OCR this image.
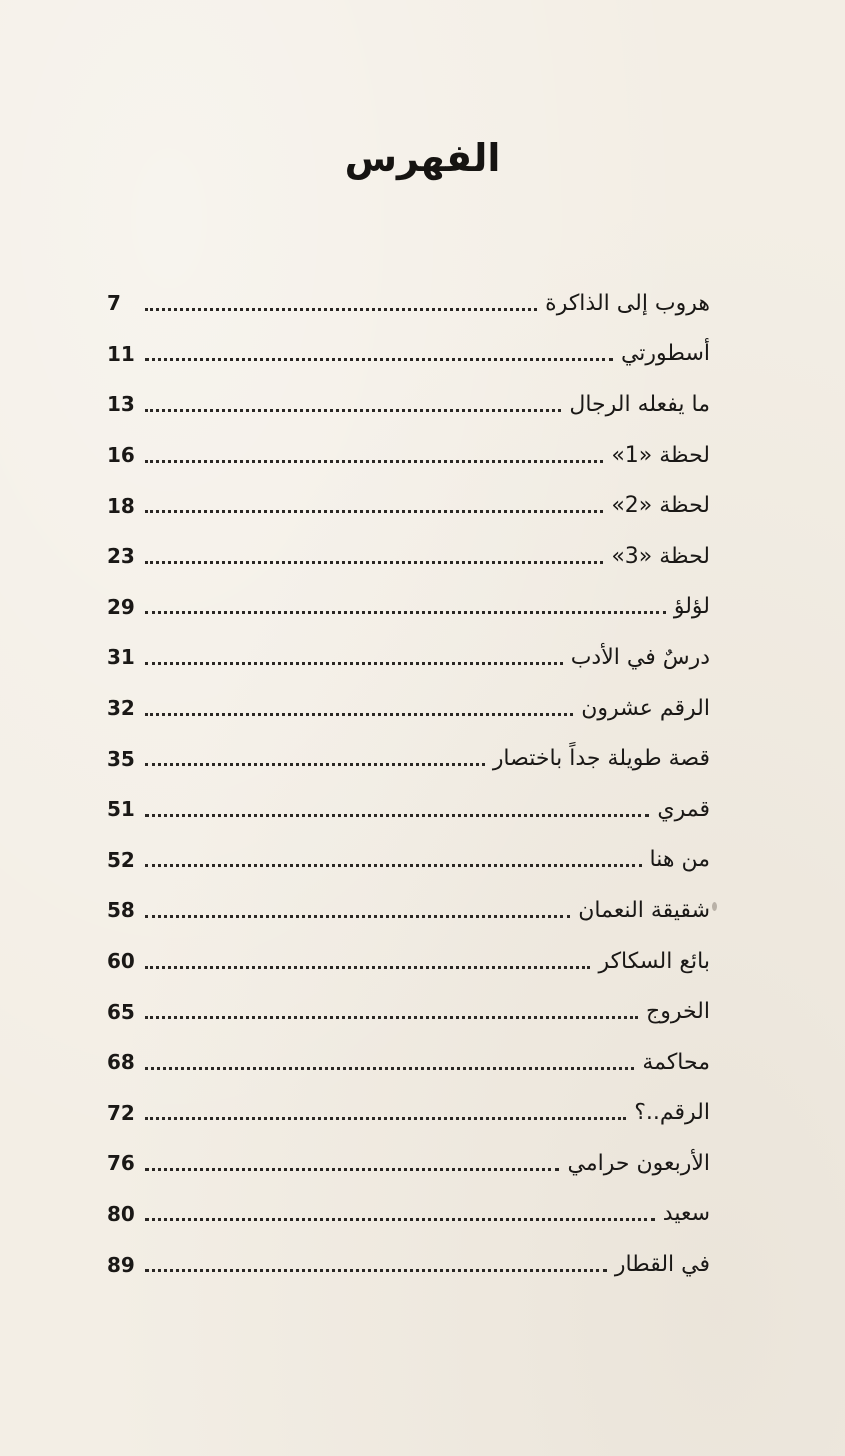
الفهرس
هروب إلى الذاكرة
7
أسطورتي
11
ما يفعله الرجال
13
لحظة «1»
16
لحظة «2»
18
لحظة «3»
23
لؤلؤ
29
درسٌ في الأدب
31
الرقم عشرون
32
قصة طويلة جداً باختصار
35
قمري
51
من هنا
52
شقيقة النعمان
58
بائع السكاكر
60
الخروج
65
محاكمة
68
الرقم..؟
72
الأربعون حرامي
76
سعيد
80
في القطار
89
